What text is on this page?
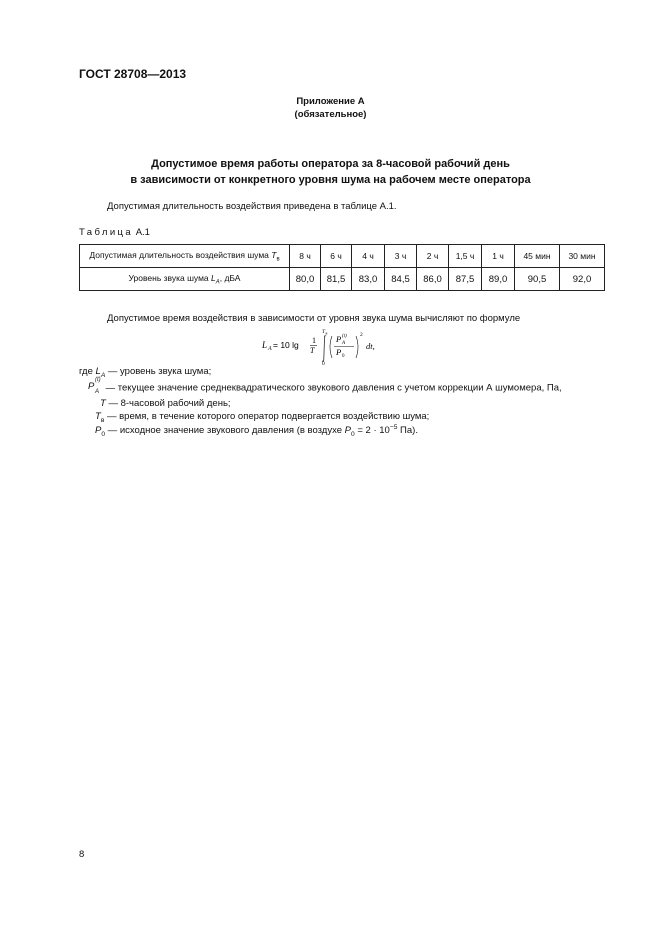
ГОСТ 28708—2013
Приложение А
(обязательное)
Допустимое время работы оператора за 8-часовой рабочий день
в зависимости от конкретного уровня шума на рабочем месте оператора
Допустимая длительность воздействия приведена в таблице А.1.
Таблица А.1
Допустимая длительность воздействия шума $T_в$	8 ч	6 ч	4 ч	3 ч	2 ч	1,5 ч	1 ч	45 мин	30 мин
Уровень звука шума $L_A$, дБА	80,0	81,5	83,0	84,5	86,0	87,5	89,0	90,5	92,0
Допустимое время воздействия в зависимости от уровня звука шума вычисляют по формуле
L A = 10 lg 1
T
T в
0
P (t)
A
P 0
2
dt,
где $L_A$ — уровень звука шума;
P
(t)
A — текущее значение среднеквадратического звукового давления с учетом коррекции А шумомера, Па,
T — 8-часовой рабочий день;
$T_в$ — время, в течение которого оператор подвергается воздействию шума;
$P_0$ — исходное значение звукового давления (в воздухе $P_0 = 2 \cdot 10^{-5}$ Па).
8
